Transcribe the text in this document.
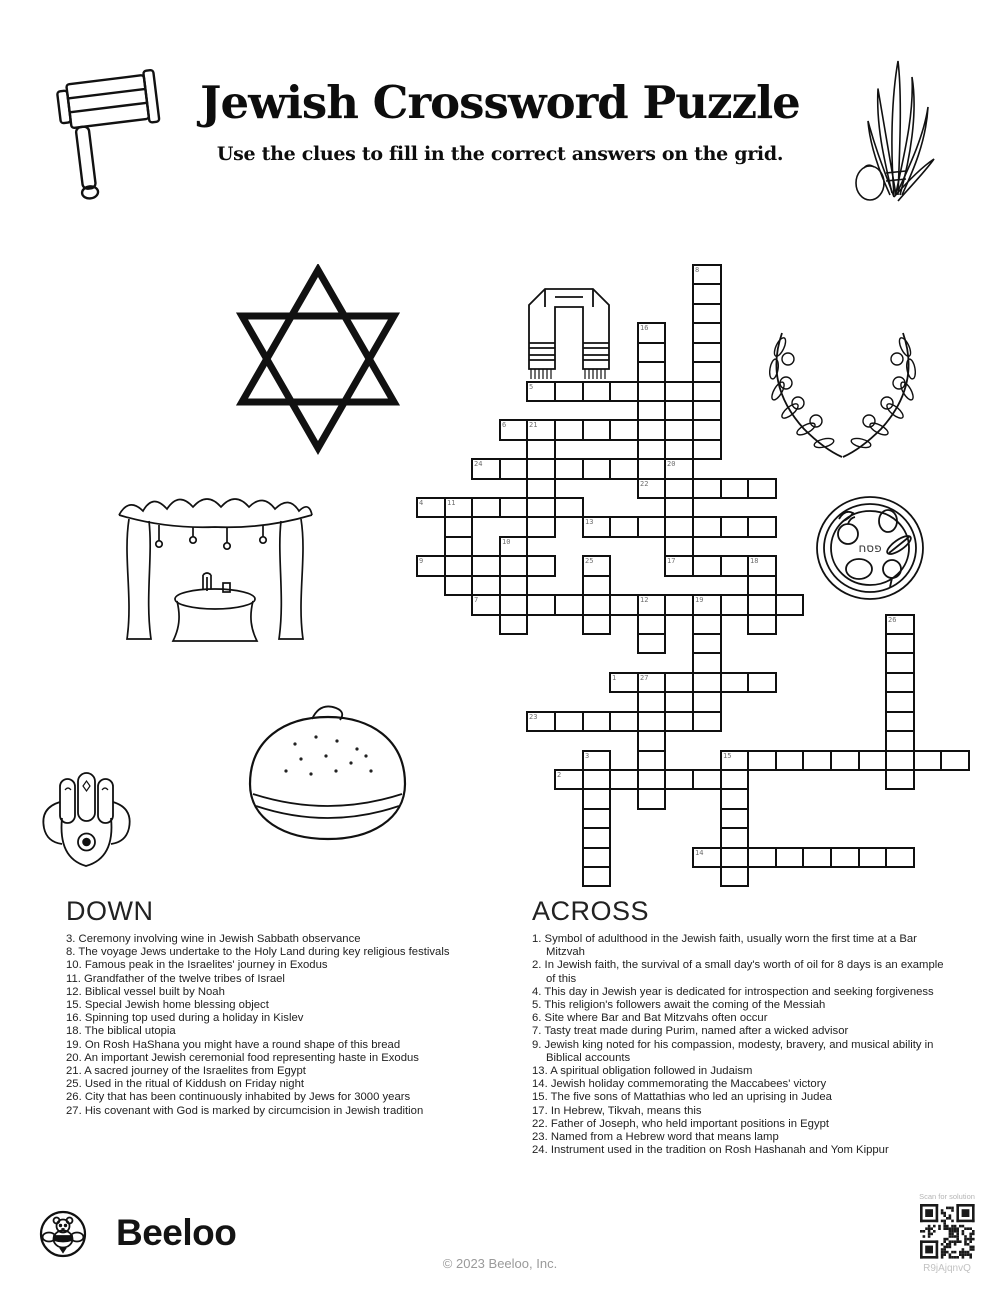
Jewish Crossword Puzzle
Use the clues to fill in the correct answers on the grid.
פסח
5
6	21
24	20
22
4	11
13
9	17	18
7	12	19
1	27
23
15
2
14
8
16
10
25
26
3
DOWN
3. Ceremony involving wine in Jewish Sabbath observance
8. The voyage Jews undertake to the Holy Land during key religious festivals
10. Famous peak in the Israelites' journey in Exodus
11. Grandfather of the twelve tribes of Israel
12. Biblical vessel built by Noah
15. Special Jewish home blessing object
16. Spinning top used during a holiday in Kislev
18. The biblical utopia
19. On Rosh HaShana you might have a round shape of this bread
20. An important Jewish ceremonial food representing haste in Exodus
21. A sacred journey of the Israelites from Egypt
25. Used in the ritual of Kiddush on Friday night
26. City that has been continuously inhabited by Jews for 3000 years
27. His covenant with God is marked by circumcision in Jewish tradition
ACROSS
1. Symbol of adulthood in the Jewish faith, usually worn the first time at a Bar Mitzvah
2. In Jewish faith, the survival of a small day's worth of oil for 8 days is an example of this
4. This day in Jewish year is dedicated for introspection and seeking forgiveness
5. This religion's followers await the coming of the Messiah
6. Site where Bar and Bat Mitzvahs often occur
7. Tasty treat made during Purim, named after a wicked advisor
9. Jewish king noted for his compassion, modesty, bravery, and musical ability in Biblical accounts
13. A spiritual obligation followed in Judaism
14. Jewish holiday commemorating the Maccabees' victory
15. The five sons of Mattathias who led an uprising in Judea
17. In Hebrew, Tikvah, means this
22. Father of Joseph, who held important positions in Egypt
23. Named from a Hebrew word that means lamp
24. Instrument used in the tradition on Rosh Hashanah and Yom Kippur
Beeloo
© 2023 Beeloo, Inc.
Scan for solution
R9jAjqnvQ
